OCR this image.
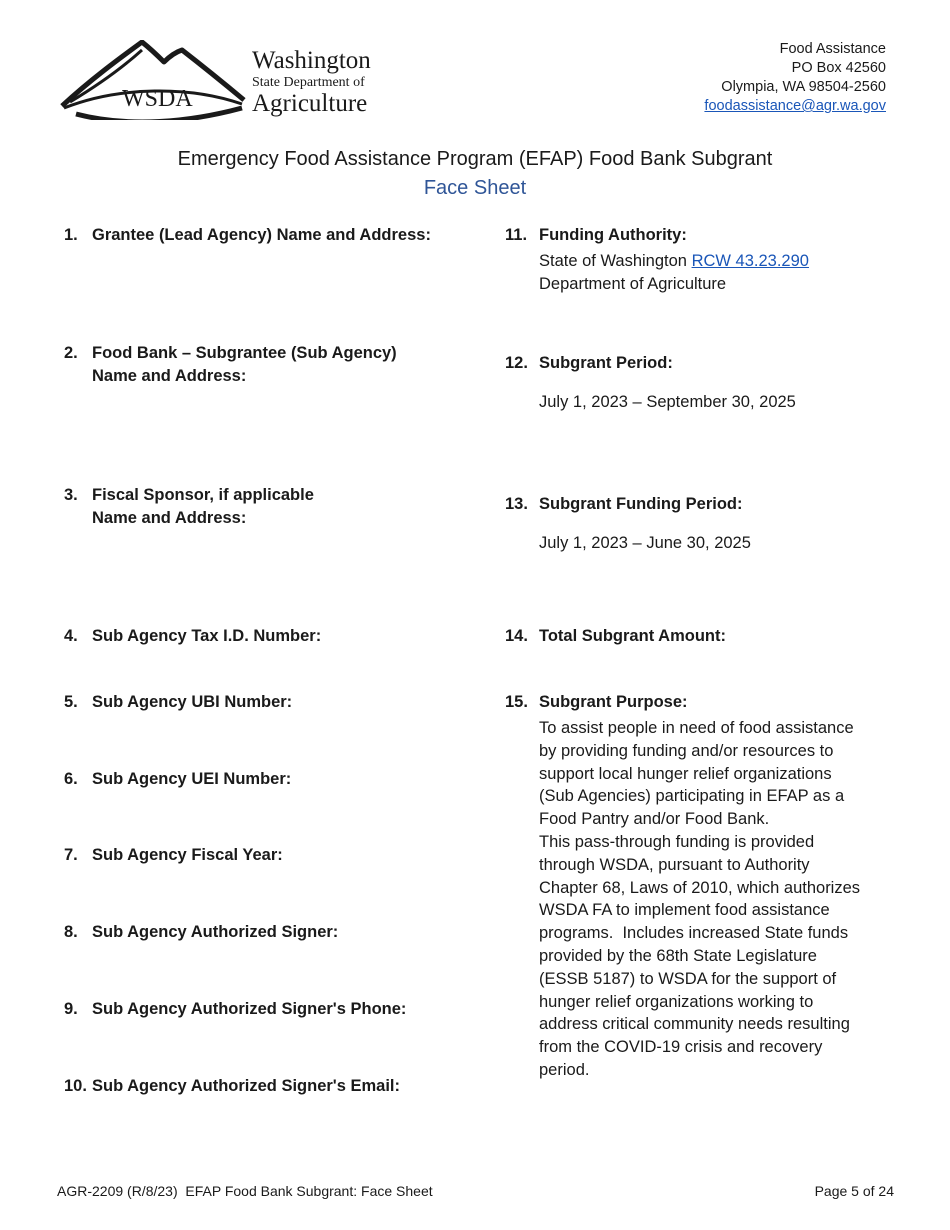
WSDA
Washington
State Department of
Agriculture
Food Assistance
PO Box 42560
Olympia, WA 98504-2560
foodassistance@agr.wa.gov
Emergency Food Assistance Program (EFAP) Food Bank Subgrant
Face Sheet
1. Grantee (Lead Agency) Name and Address:
2. Food Bank – Subgrantee (Sub Agency)
Name and Address:
3. Fiscal Sponsor, if applicable
Name and Address:
4. Sub Agency Tax I.D. Number:
5. Sub Agency UBI Number:
6. Sub Agency UEI Number:
7. Sub Agency Fiscal Year:
8. Sub Agency Authorized Signer:
9. Sub Agency Authorized Signer's Phone:
10. Sub Agency Authorized Signer's Email:
11. Funding Authority:
State of Washington RCW 43.23.290
Department of Agriculture
12. Subgrant Period:
July 1, 2023 – September 30, 2025
13. Subgrant Funding Period:
July 1, 2023 – June 30, 2025
14. Total Subgrant Amount:
15. Subgrant Purpose:
To assist people in need of food assistance
by providing funding and/or resources to
support local hunger relief organizations
(Sub Agencies) participating in EFAP as a
Food Pantry and/or Food Bank.
This pass-through funding is provided
through WSDA, pursuant to Authority
Chapter 68, Laws of 2010, which authorizes
WSDA FA to implement food assistance
programs.  Includes increased State funds
provided by the 68th State Legislature
(ESSB 5187) to WSDA for the support of
hunger relief organizations working to
address critical community needs resulting
from the COVID-19 crisis and recovery
period.
AGR-2209 (R/8/23)  EFAP Food Bank Subgrant: Face Sheet	Page 5 of 24
